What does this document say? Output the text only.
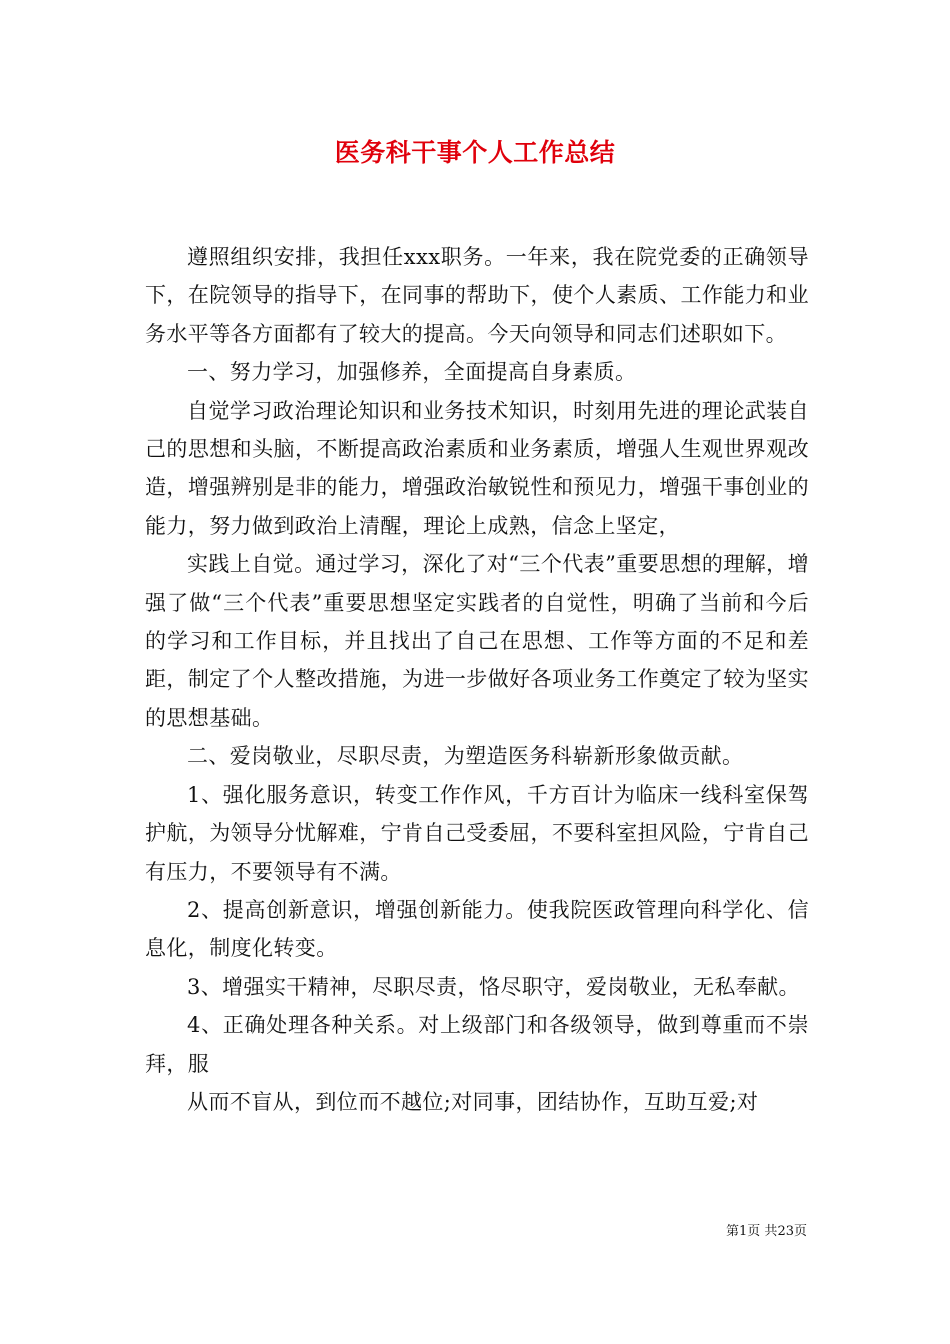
医务科干事个人工作总结

遵照组织安排，我担任xxx职务。一年来，我在院党委的正确领导下，在院领导的指导下，在同事的帮助下，使个人素质、工作能力和业务水平等各方面都有了较大的提高。今天向领导和同志们述职如下。

一、努力学习，加强修养，全面提高自身素质。

自觉学习政治理论知识和业务技术知识，时刻用先进的理论武装自己的思想和头脑，不断提高政治素质和业务素质，增强人生观世界观改造，增强辨别是非的能力，增强政治敏锐性和预见力，增强干事创业的能力，努力做到政治上清醒，理论上成熟，信念上坚定，

实践上自觉。通过学习，深化了对“三个代表”重要思想的理解，增强了做“三个代表”重要思想坚定实践者的自觉性，明确了当前和今后的学习和工作目标，并且找出了自己在思想、工作等方面的不足和差距，制定了个人整改措施，为进一步做好各项业务工作奠定了较为坚实的思想基础。

二、爱岗敬业，尽职尽责，为塑造医务科崭新形象做贡献。

1、强化服务意识，转变工作作风，千方百计为临床一线科室保驾护航，为领导分忧解难，宁肯自己受委屈，不要科室担风险，宁肯自己有压力，不要领导有不满。

2、提高创新意识，增强创新能力。使我院医政管理向科学化、信息化，制度化转变。

3、增强实干精神，尽职尽责，恪尽职守，爱岗敬业，无私奉献。

4、正确处理各种关系。对上级部门和各级领导，做到尊重而不崇拜，服

从而不盲从，到位而不越位;对同事，团结协作，互助互爱;对

第1页 共23页
